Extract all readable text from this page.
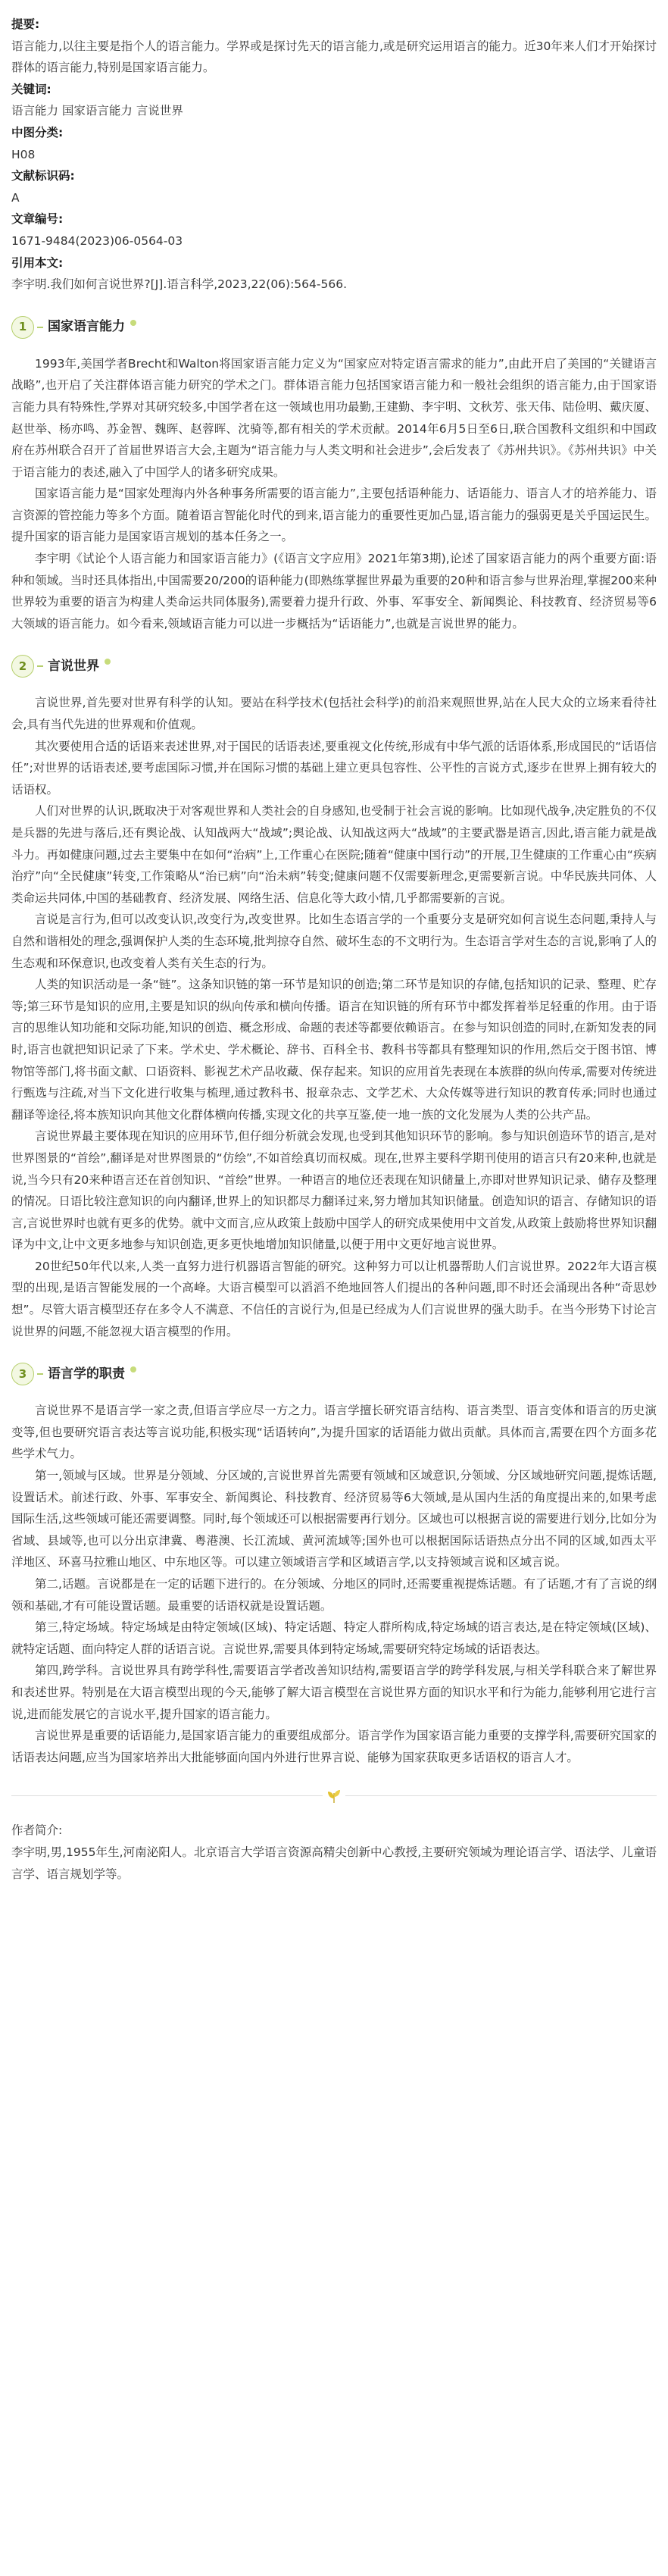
提要:

语言能力,以往主要是指个人的语言能力。学界或是探讨先天的语言能力,或是研究运用语言的能力。近30年来人们才开始探讨群体的语言能力,特别是国家语言能力。

关键词:

语言能力 国家语言能力 言说世界

中图分类:

H08

文献标识码:

A

文章编号:

1671-9484(2023)06-0564-03

引用本文:

李宇明.我们如何言说世界?[J].语言科学,2023,22(06):564-566.

1	国家语言能力

1993年,美国学者Brecht和Walton将国家语言能力定义为“国家应对特定语言需求的能力”,由此开启了美国的“关键语言战略”,也开启了关注群体语言能力研究的学术之门。群体语言能力包括国家语言能力和一般社会组织的语言能力,由于国家语言能力具有特殊性,学界对其研究较多,中国学者在这一领域也用功最勤,王建勤、李宇明、文秋芳、张天伟、陆俭明、戴庆厦、赵世举、杨亦鸣、苏金智、魏晖、赵蓉晖、沈骑等,都有相关的学术贡献。2014年6月5日至6日,联合国教科文组织和中国政府在苏州联合召开了首届世界语言大会,主题为“语言能力与人类文明和社会进步”,会后发表了《苏州共识》。《苏州共识》中关于语言能力的表述,融入了中国学人的诸多研究成果。

国家语言能力是“国家处理海内外各种事务所需要的语言能力”,主要包括语种能力、话语能力、语言人才的培养能力、语言资源的管控能力等多个方面。随着语言智能化时代的到来,语言能力的重要性更加凸显,语言能力的强弱更是关乎国运民生。提升国家的语言能力是国家语言规划的基本任务之一。

李宇明《试论个人语言能力和国家语言能力》(《语言文字应用》2021年第3期),论述了国家语言能力的两个重要方面:语种和领域。当时还具体指出,中国需要20/200的语种能力(即熟练掌握世界最为重要的20种和语言参与世界治理,掌握200来种世界较为重要的语言为构建人类命运共同体服务),需要着力提升行政、外事、军事安全、新闻舆论、科技教育、经济贸易等6大领域的语言能力。如今看来,领域语言能力可以进一步概括为“话语能力”,也就是言说世界的能力。

2	言说世界

言说世界,首先要对世界有科学的认知。要站在科学技术(包括社会科学)的前沿来观照世界,站在人民大众的立场来看待社会,具有当代先进的世界观和价值观。

其次要使用合适的话语来表述世界,对于国民的话语表述,要重视文化传统,形成有中华气派的话语体系,形成国民的“话语信任”;对世界的话语表述,要考虑国际习惯,并在国际习惯的基础上建立更具包容性、公平性的言说方式,逐步在世界上拥有较大的话语权。

人们对世界的认识,既取决于对客观世界和人类社会的自身感知,也受制于社会言说的影响。比如现代战争,决定胜负的不仅是兵器的先进与落后,还有舆论战、认知战两大“战域”;舆论战、认知战这两大“战域”的主要武器是语言,因此,语言能力就是战斗力。再如健康问题,过去主要集中在如何“治病”上,工作重心在医院;随着“健康中国行动”的开展,卫生健康的工作重心由“疾病治疗”向“全民健康”转变,工作策略从“治已病”向“治未病”转变;健康问题不仅需要新理念,更需要新言说。中华民族共同体、人类命运共同体,中国的基础教育、经济发展、网络生活、信息化等大政小情,几乎都需要新的言说。

言说是言行为,但可以改变认识,改变行为,改变世界。比如生态语言学的一个重要分支是研究如何言说生态问题,秉持人与自然和谐相处的理念,强调保护人类的生态环境,批判掠夺自然、破坏生态的不文明行为。生态语言学对生态的言说,影响了人的生态观和环保意识,也改变着人类有关生态的行为。

人类的知识活动是一条“链”。这条知识链的第一环节是知识的创造;第二环节是知识的存储,包括知识的记录、整理、贮存等;第三环节是知识的应用,主要是知识的纵向传承和横向传播。语言在知识链的所有环节中都发挥着举足轻重的作用。由于语言的思维认知功能和交际功能,知识的创造、概念形成、命题的表述等都要依赖语言。在参与知识创造的同时,在新知发表的同时,语言也就把知识记录了下来。学术史、学术概论、辞书、百科全书、教科书等都具有整理知识的作用,然后交于图书馆、博物馆等部门,将书面文献、口语资料、影视艺术产品收藏、保存起来。知识的应用首先表现在本族群的纵向传承,需要对传统进行甄选与注疏,对当下文化进行收集与梳理,通过教科书、报章杂志、文学艺术、大众传媒等进行知识的教育传承;同时也通过翻译等途径,将本族知识向其他文化群体横向传播,实现文化的共享互鉴,使一地一族的文化发展为人类的公共产品。

言说世界最主要体现在知识的应用环节,但仔细分析就会发现,也受到其他知识环节的影响。参与知识创造环节的语言,是对世界图景的“首绘”,翻译是对世界图景的“仿绘”,不如首绘真切而权威。现在,世界主要科学期刊使用的语言只有20来种,也就是说,当今只有20来种语言还在首创知识、“首绘”世界。一种语言的地位还表现在知识储量上,亦即对世界知识记录、储存及整理的情况。日语比较注意知识的向内翻译,世界上的知识都尽力翻译过来,努力增加其知识储量。创造知识的语言、存储知识的语言,言说世界时也就有更多的优势。就中文而言,应从政策上鼓励中国学人的研究成果使用中文首发,从政策上鼓励将世界知识翻译为中文,让中文更多地参与知识创造,更多更快地增加知识储量,以便于用中文更好地言说世界。

20世纪50年代以来,人类一直努力进行机器语言智能的研究。这种努力可以让机器帮助人们言说世界。2022年大语言模型的出现,是语言智能发展的一个高峰。大语言模型可以滔滔不绝地回答人们提出的各种问题,即不时还会涌现出各种“奇思妙想”。尽管大语言模型还存在多令人不满意、不信任的言说行为,但是已经成为人们言说世界的强大助手。在当今形势下讨论言说世界的问题,不能忽视大语言模型的作用。

3	语言学的职责

言说世界不是语言学一家之责,但语言学应尽一方之力。语言学擅长研究语言结构、语言类型、语言变体和语言的历史演变等,但也要研究语言表达等言说功能,积极实现“话语转向”,为提升国家的话语能力做出贡献。具体而言,需要在四个方面多花些学术气力。

第一,领域与区域。世界是分领域、分区域的,言说世界首先需要有领域和区域意识,分领域、分区域地研究问题,提炼话题,设置话术。前述行政、外事、军事安全、新闻舆论、科技教育、经济贸易等6大领域,是从国内生活的角度提出来的,如果考虑国际生活,这些领域可能还需要调整。同时,每个领域还可以根据需要再行划分。区域也可以根据言说的需要进行划分,比如分为省域、县域等,也可以分出京津冀、粤港澳、长江流域、黄河流域等;国外也可以根据国际话语热点分出不同的区域,如西太平洋地区、环喜马拉雅山地区、中东地区等。可以建立领域语言学和区域语言学,以支持领域言说和区域言说。

第二,话题。言说都是在一定的话题下进行的。在分领域、分地区的同时,还需要重视提炼话题。有了话题,才有了言说的纲领和基础,才有可能设置话题。最重要的话语权就是设置话题。

第三,特定场域。特定场域是由特定领域(区域)、特定话题、特定人群所构成,特定场域的语言表达,是在特定领域(区域)、就特定话题、面向特定人群的话语言说。言说世界,需要具体到特定场域,需要研究特定场域的话语表达。

第四,跨学科。言说世界具有跨学科性,需要语言学者改善知识结构,需要语言学的跨学科发展,与相关学科联合来了解世界和表述世界。特别是在大语言模型出现的今天,能够了解大语言模型在言说世界方面的知识水平和行为能力,能够利用它进行言说,进而能发展它的言说水平,提升国家的语言能力。

言说世界是重要的话语能力,是国家语言能力的重要组成部分。语言学作为国家语言能力重要的支撑学科,需要研究国家的话语表达问题,应当为国家培养出大批能够面向国内外进行世界言说、能够为国家获取更多话语权的语言人才。

作者简介:

李宇明,男,1955年生,河南泌阳人。北京语言大学语言资源高精尖创新中心教授,主要研究领域为理论语言学、语法学、儿童语言学、语言规划学等。
